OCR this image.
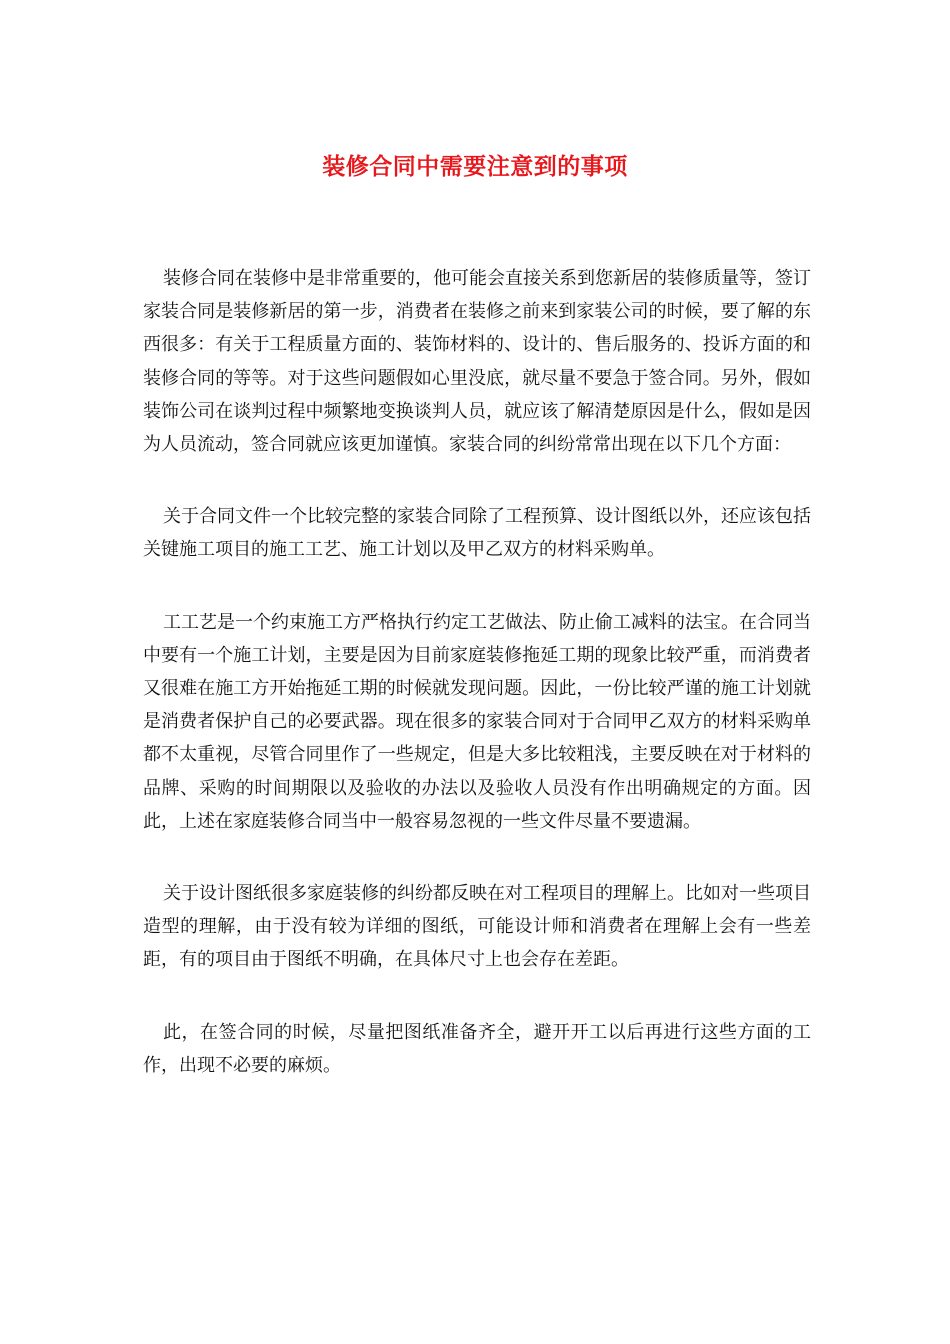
装修合同中需要注意到的事项

装修合同在装修中是非常重要的，他可能会直接关系到您新居的装修质量等，签订家装合同是装修新居的第一步，消费者在装修之前来到家装公司的时候，要了解的东西很多：有关于工程质量方面的、装饰材料的、设计的、售后服务的、投诉方面的和装修合同的等等。对于这些问题假如心里没底，就尽量不要急于签合同。另外，假如装饰公司在谈判过程中频繁地变换谈判人员，就应该了解清楚原因是什么，假如是因为人员流动，签合同就应该更加谨慎。家装合同的纠纷常常出现在以下几个方面：

关于合同文件一个比较完整的家装合同除了工程预算、设计图纸以外，还应该包括关键施工项目的施工工艺、施工计划以及甲乙双方的材料采购单。

工工艺是一个约束施工方严格执行约定工艺做法、防止偷工减料的法宝。在合同当中要有一个施工计划，主要是因为目前家庭装修拖延工期的现象比较严重，而消费者又很难在施工方开始拖延工期的时候就发现问题。因此，一份比较严谨的施工计划就是消费者保护自己的必要武器。现在很多的家装合同对于合同甲乙双方的材料采购单都不太重视，尽管合同里作了一些规定，但是大多比较粗浅，主要反映在对于材料的品牌、采购的时间期限以及验收的办法以及验收人员没有作出明确规定的方面。因此，上述在家庭装修合同当中一般容易忽视的一些文件尽量不要遗漏。

关于设计图纸很多家庭装修的纠纷都反映在对工程项目的理解上。比如对一些项目造型的理解，由于没有较为详细的图纸，可能设计师和消费者在理解上会有一些差距，有的项目由于图纸不明确，在具体尺寸上也会存在差距。

此，在签合同的时候，尽量把图纸准备齐全，避开开工以后再进行这些方面的工作，出现不必要的麻烦。
